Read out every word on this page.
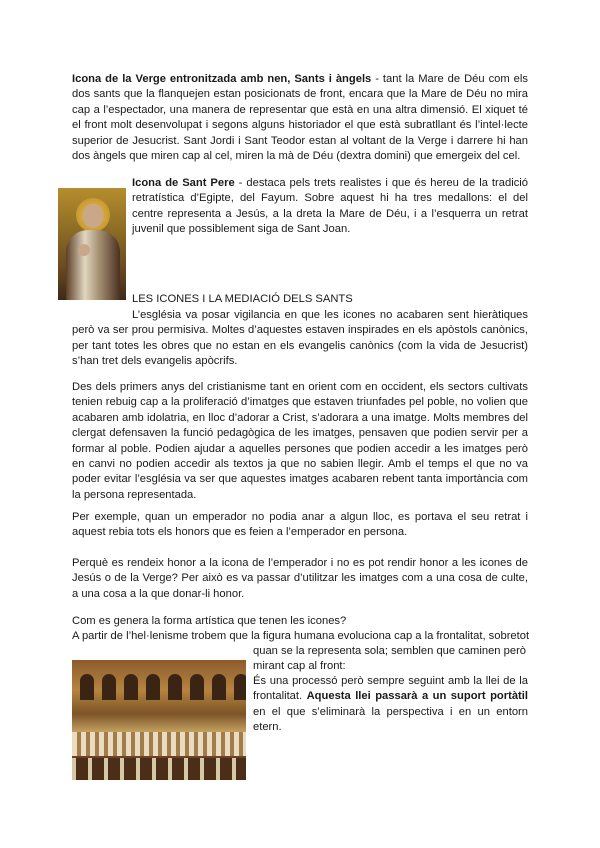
Icona de la Verge entronitzada amb nen, Sants i àngels - tant la Mare de Déu com els dos sants que la flanquejen estan posicionats de front, encara que la Mare de Déu no mira cap a l’espectador, una manera de representar que està en una altra dimensió. El xiquet té el front molt desenvolupat i segons alguns historiador el que està subratllant és l’intel·lecte superior de Jesucrist. Sant Jordi i Sant Teodor estan al voltant de la Verge i darrere hi han dos àngels que miren cap al cel, miren la mà de Déu (dextra domini) que emergeix del cel.

Icona de Sant Pere - destaca pels trets realistes i que és hereu de la tradició retratística d’Egipte, del Fayum. Sobre aquest hi ha tres medallons: el del centre representa a Jesús, a la dreta la Mare de Déu, i a l’esquerra un retrat juvenil que possiblement siga de Sant Joan.

LES ICONES I LA MEDIACIÓ DELS SANTS

L’església va posar vigilancia en que les icones no acabaren sent hieràtiques però va ser prou permisiva. Moltes d’aquestes estaven inspirades en els apòstols canònics, per tant totes les obres que no estan en els evangelis canònics (com la vida de Jesucrist) s’han tret dels evangelis apòcrifs.

Des dels primers anys del cristianisme tant en orient com en occident, els sectors cultivats tenien rebuig cap a la proliferació d’imatges que estaven triunfades pel poble, no volien que acabaren amb idolatria, en lloc d’adorar a Crist, s’adorara a una imatge. Molts membres del clergat defensaven la funció pedagògica de les imatges, pensaven que podien servir per a formar al poble. Podien ajudar a aquelles persones que podien accedir a les imatges però en canvi no podien accedir als textos ja que no sabien llegir. Amb el temps el que no va poder evitar l’església va ser que aquestes imatges acabaren rebent tanta importància com la persona representada.

Per exemple, quan un emperador no podia anar a algun lloc, es portava el seu retrat i aquest rebia tots els honors que es feien a l’emperador en persona.

Perquè es rendeix honor a la icona de l’emperador i no es pot rendir honor a les icones de Jesús o de la Verge? Per això es va passar d’utilitzar les imatges com a una cosa de culte, a una cosa a la que donar-li honor.

Com es genera la forma artística que tenen les icones?

A partir de l’hel·lenisme trobem que la figura humana evoluciona cap a la frontalitat, sobretot

quan se la representa sola; semblen que caminen però

mirant cap al front:

És una processó però sempre seguint amb la llei de la frontalitat. Aquesta llei passarà a un suport portàtil en el que s’eliminarà la perspectiva i en un entorn etern.
